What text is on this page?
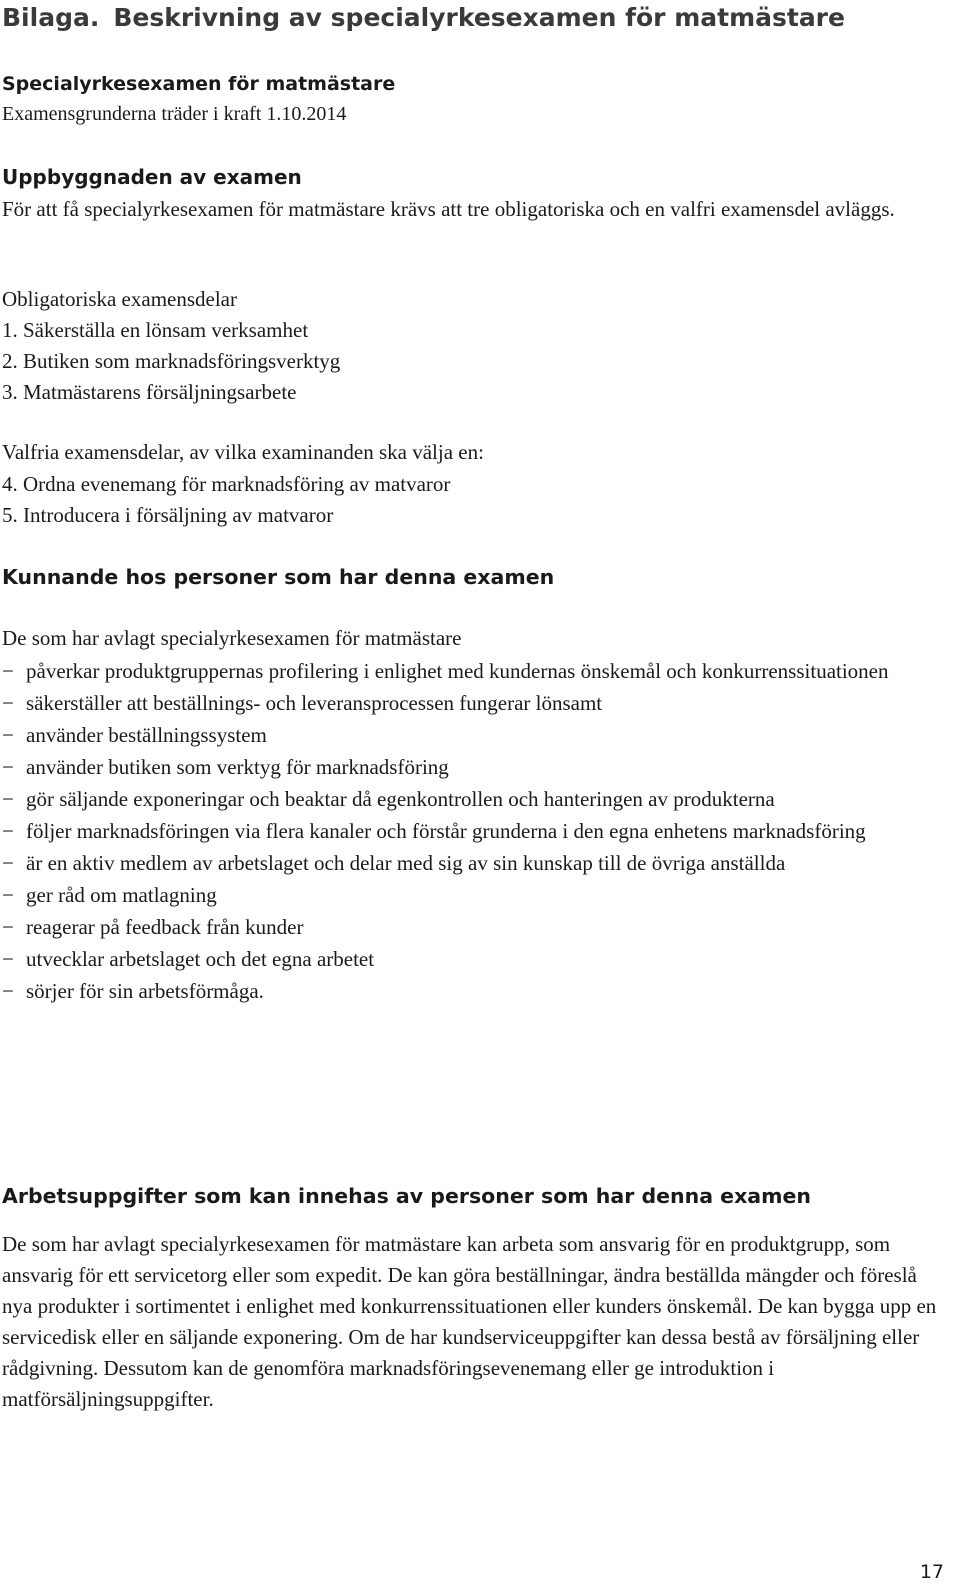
Bilaga. Beskrivning av specialyrkesexamen för matmästare
Specialyrkesexamen för matmästare
Examensgrunderna träder i kraft 1.10.2014
Uppbyggnaden av examen

För att få specialyrkesexamen för matmästare krävs att tre obligatoriska och en valfri examensdel avläggs.

Obligatoriska examensdelar
1. Säkerställa en lönsam verksamhet
2. Butiken som marknadsföringsverktyg
3. Matmästarens försäljningsarbete
Valfria examensdelar, av vilka examinanden ska välja en:
4. Ordna evenemang för marknadsföring av matvaror
5. Introducera i försäljning av matvaror
Kunnande hos personer som har denna examen
De som har avlagt specialyrkesexamen för matmästare
− påverkar produktgruppernas profilering i enlighet med kundernas önskemål och konkurrenssituationen
− säkerställer att beställnings- och leveransprocessen fungerar lönsamt
− använder beställningssystem
− använder butiken som verktyg för marknadsföring
− gör säljande exponeringar och beaktar då egenkontrollen och hanteringen av produkterna
− följer marknadsföringen via flera kanaler och förstår grunderna i den egna enhetens marknadsföring
− är en aktiv medlem av arbetslaget och delar med sig av sin kunskap till de övriga anställda
− ger råd om matlagning
− reagerar på feedback från kunder
− utvecklar arbetslaget och det egna arbetet
− sörjer för sin arbetsförmåga.
Arbetsuppgifter som kan innehas av personer som har denna examen

De som har avlagt specialyrkesexamen för matmästare kan arbeta som ansvarig för en produktgrupp, som ansvarig för ett servicetorg eller som expedit. De kan göra beställningar, ändra beställda mängder och föreslå nya produkter i sortimentet i enlighet med konkurrenssituationen eller kunders önskemål. De kan bygga upp en servicedisk eller en säljande exponering. Om de har kundserviceuppgifter kan dessa bestå av försäljning eller rådgivning. Dessutom kan de genomföra marknadsföringsevenemang eller ge introduktion i matförsäljningsuppgifter.

17
